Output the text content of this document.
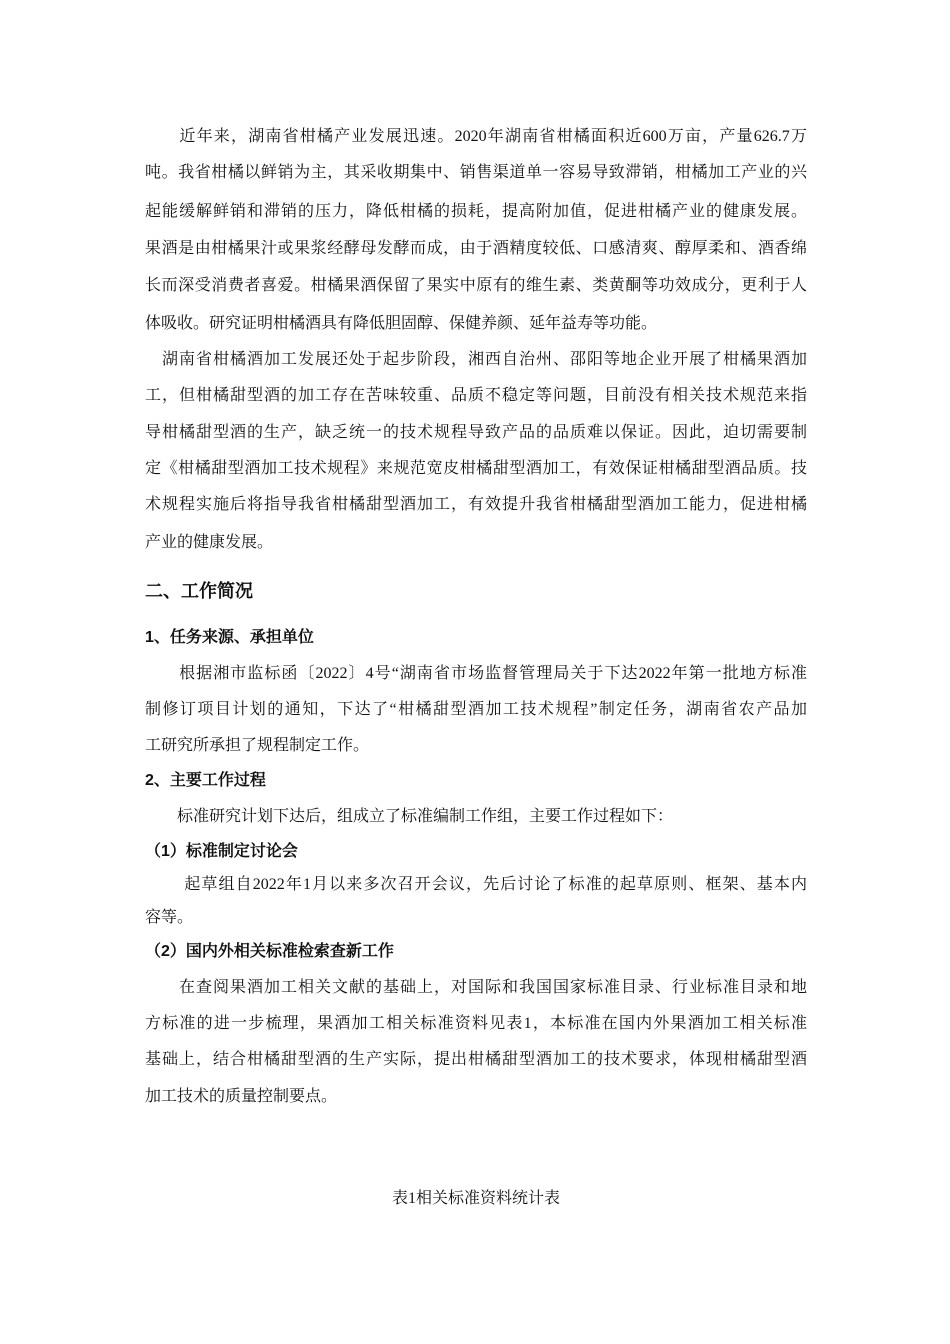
　　近年来，湖南省柑橘产业发展迅速。2020年湖南省柑橘面积近600万亩，产量626.7万
吨。我省柑橘以鲜销为主，其采收期集中、销售渠道单一容易导致滞销，柑橘加工产业的兴
起能缓解鲜销和滞销的压力，降低柑橘的损耗，提高附加值，促进柑橘产业的健康发展。
果酒是由柑橘果汁或果浆经酵母发酵而成，由于酒精度较低、口感清爽、醇厚柔和、酒香绵
长而深受消费者喜爱。柑橘果酒保留了果实中原有的维生素、类黄酮等功效成分，更利于人
体吸收。研究证明柑橘酒具有降低胆固醇、保健养颜、延年益寿等功能。
　湖南省柑橘酒加工发展还处于起步阶段，湘西自治州、邵阳等地企业开展了柑橘果酒加
工，但柑橘甜型酒的加工存在苦味较重、品质不稳定等问题，目前没有相关技术规范来指
导柑橘甜型酒的生产，缺乏统一的技术规程导致产品的品质难以保证。因此，迫切需要制
定《柑橘甜型酒加工技术规程》来规范宽皮柑橘甜型酒加工，有效保证柑橘甜型酒品质。技
术规程实施后将指导我省柑橘甜型酒加工，有效提升我省柑橘甜型酒加工能力，促进柑橘
产业的健康发展。
二、工作简况
1、任务来源、承担单位
　　根据湘市监标函〔2022〕4号“湖南省市场监督管理局关于下达2022年第一批地方标准
制修订项目计划的通知，下达了“柑橘甜型酒加工技术规程”制定任务，湖南省农产品加
工研究所承担了规程制定工作。
2、主要工作过程
　　标准研究计划下达后，组成立了标准编制工作组，主要工作过程如下：
（1）标准制定讨论会
　　 起草组自2022年1月以来多次召开会议，先后讨论了标准的起草原则、框架、基本内
容等。
（2）国内外相关标准检索查新工作
　　在查阅果酒加工相关文献的基础上，对国际和我国国家标准目录、行业标准目录和地
方标准的进一步梳理，果酒加工相关标准资料见表1，本标准在国内外果酒加工相关标准
基础上，结合柑橘甜型酒的生产实际，提出柑橘甜型酒加工的技术要求，体现柑橘甜型酒
加工技术的质量控制要点。
表1相关标准资料统计表
